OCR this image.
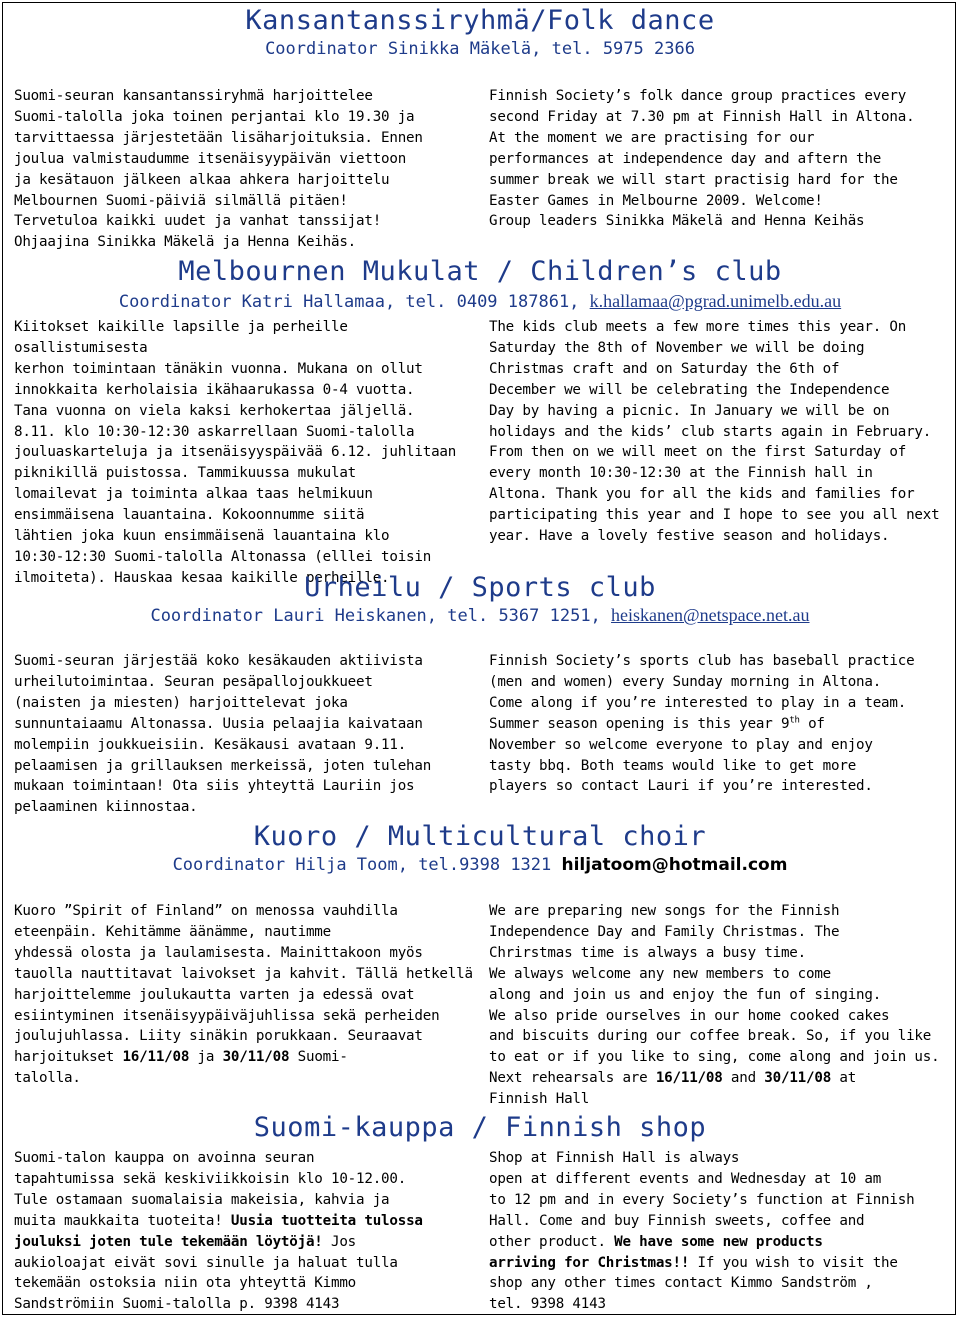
Kansantanssiryhmä/Folk dance
Coordinator Sinikka Mäkelä, tel. 5975 2366

Suomi-seuran kansantanssiryhmä harjoittelee

Suomi-talolla joka toinen perjantai klo 19.30 ja

tarvittaessa järjestetään lisäharjoituksia. Ennen

joulua valmistaudumme itsenäisyypäivän viettoon

ja kesätauon jälkeen alkaa ahkera harjoittelu

Melbournen Suomi-päiviä silmällä pitäen!

Tervetuloa kaikki uudet ja vanhat tanssijat!

Ohjaajina Sinikka Mäkelä ja Henna Keihäs.

Finnish Society’s folk dance group practices every

second Friday at 7.30 pm at Finnish Hall in Altona.

At the moment we are practising for our

performances at independence day and aftern the

summer break we will start practisig hard for the

Easter Games in Melbourne 2009. Welcome!

Group leaders Sinikka Mäkelä and Henna Keihäs

Melbournen Mukulat / Children’s club
Coordinator Katri Hallamaa, tel. 0409 187861, k.hallamaa@pgrad.unimelb.edu.au

Kiitokset kaikille lapsille ja perheille osallistumisesta

kerhon toimintaan tänäkin vuonna. Mukana on ollut

innokkaita kerholaisia ikähaarukassa 0-4 vuotta.

Tana vuonna on viela kaksi kerhokertaa jäljellä.

8.11. klo 10:30-12:30 askarrellaan Suomi-talolla

jouluaskarteluja ja itsenäisyyspäivää 6.12. juhlitaan

piknikillä puistossa. Tammikuussa mukulat

lomailevat ja toiminta alkaa taas helmikuun

ensimmäisena lauantaina. Kokoonnumme siitä

lähtien joka kuun ensimmäisenä lauantaina klo

10:30-12:30 Suomi-talolla Altonassa (elllei toisin

ilmoiteta). Hauskaa kesaa kaikille perheille.

The kids club meets a few more times this year. On

Saturday the 8th of November we will be doing

Christmas craft and on Saturday the 6th of

December we will be celebrating the Independence

Day by having a picnic. In January we will be on

holidays and the kids’ club starts again in February.

From then on we will meet on the first Saturday of

every month 10:30-12:30 at the Finnish hall in

Altona. Thank you for all the kids and families for

participating this year and I hope to see you all next

year. Have a lovely festive season and holidays.

Urheilu / Sports club
Coordinator Lauri Heiskanen, tel. 5367 1251, heiskanen@netspace.net.au

Suomi-seuran järjestää koko kesäkauden aktiivista

urheilutoimintaa. Seuran pesäpallojoukkueet

(naisten ja miesten) harjoittelevat joka

sunnuntaiaamu Altonassa. Uusia pelaajia kaivataan

molempiin joukkueisiin. Kesäkausi avataan 9.11.

pelaamisen ja grillauksen merkeissä, joten tulehan

mukaan toimintaan! Ota siis yhteyttä Lauriin jos

pelaaminen kiinnostaa.

Finnish Society’s sports club has baseball practice

(men and women) every Sunday morning in Altona.

Come along if you’re interested to play in a team.

Summer season opening is this year 9th of

November so welcome everyone to play and enjoy

tasty bbq. Both teams would like to get more

players so contact Lauri if you’re interested.

Kuoro / Multicultural choir
Coordinator Hilja Toom, tel.9398 1321 hiljatoom@hotmail.com

Kuoro ”Spirit of Finland” on menossa vauhdilla

eteenpäin. Kehitämme äänämme, nautimme

yhdessä olosta ja laulamisesta. Mainittakoon myös

tauolla nauttitavat laivokset ja kahvit. Tällä hetkellä

harjoittelemme joulukautta varten ja edessä ovat

esiintyminen itsenäisyypäiväjuhlissa sekä perheiden

joulujuhlassa. Liity sinäkin porukkaan. Seuraavat

harjoitukset 16/11/08 ja 30/11/08 Suomi-

talolla.

We are preparing new songs for the Finnish

Independence Day and Family Christmas. The

Chrirstmas time is always a busy time.

We always welcome any new members to come

along and join us and enjoy the fun of singing.

We also pride ourselves in our home cooked cakes

and biscuits during our coffee break. So, if you like

to eat or if you like to sing, come along and join us.

Next rehearsals are 16/11/08 and 30/11/08 at

Finnish Hall

Suomi-kauppa / Finnish shop

Suomi-talon kauppa on avoinna seuran

tapahtumissa sekä keskiviikkoisin klo 10-12.00.

Tule ostamaan suomalaisia makeisia, kahvia ja

muita maukkaita tuoteita! Uusia tuotteita tulossa

jouluksi joten tule tekemään löytöjä! Jos

aukioloajat eivät sovi sinulle ja haluat tulla

tekemään ostoksia niin ota yhteyttä Kimmo

Sandströmiin Suomi-talolla p. 9398 4143

Shop at Finnish Hall is always

open at different events and Wednesday at 10 am

to 12 pm and in every Society’s function at Finnish

Hall. Come and buy Finnish sweets, coffee and

other product. We have some new products

arriving for Christmas!! If you wish to visit the

shop any other times contact Kimmo Sandström ,

tel. 9398 4143
